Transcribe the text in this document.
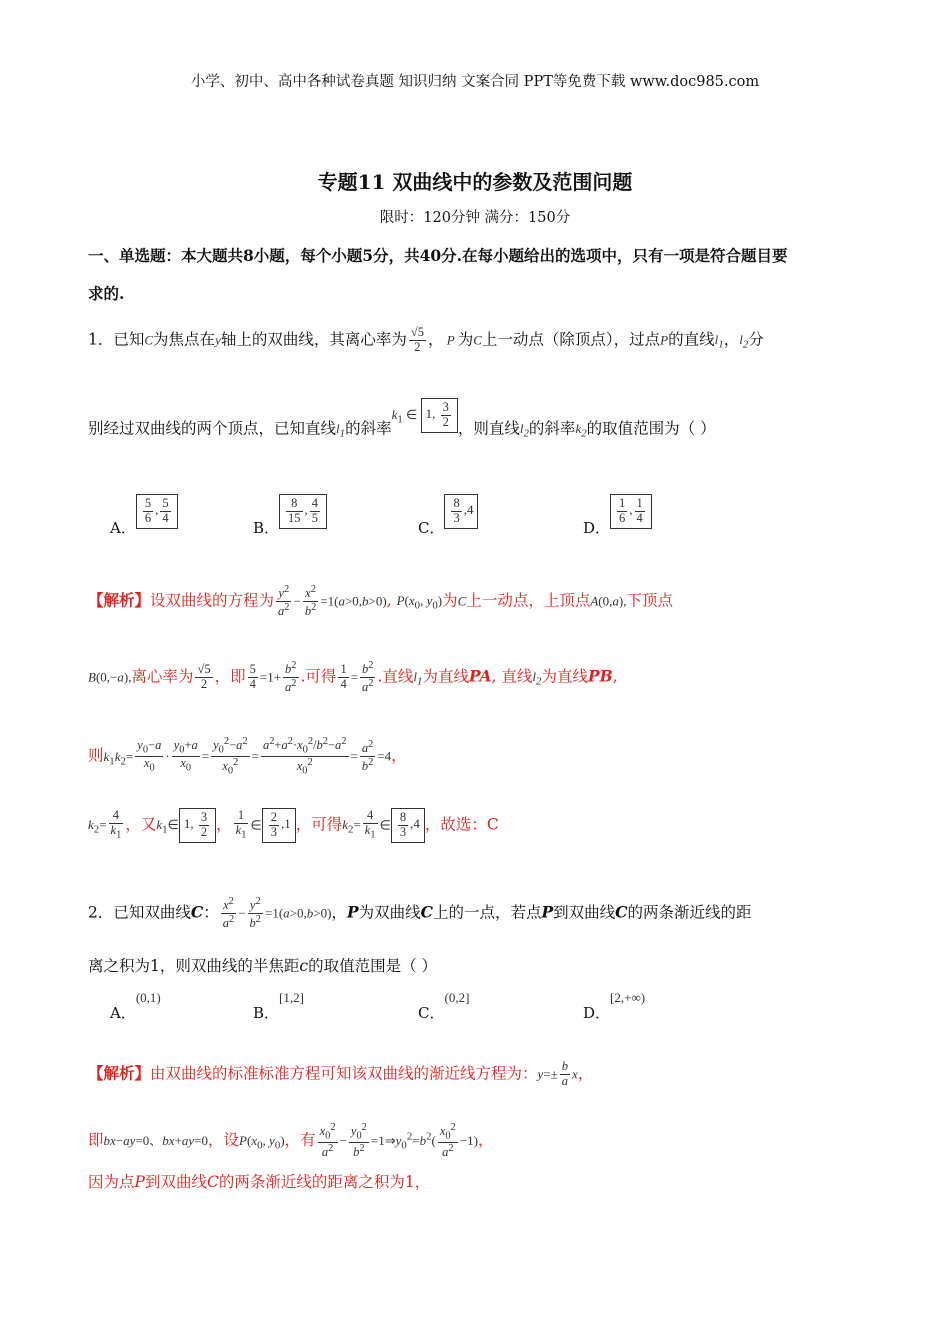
小学、初中、高中各种试卷真题 知识归纳 文案合同 PPT等免费下载 www.doc985.com
专题11 双曲线中的参数及范围问题
限时：120分钟 满分：150分
一、单选题：本大题共8小题，每个小题5分，共40分.在每小题给出的选项中，只有一项是符合题目要
求的.
1．已知C为焦点在y轴上的双曲线，其离心率为 $\frac{√5}{2}$ ， P 为C上一动点（除顶点），过点P的直线$l_1$，$l_2$分
别经过双曲线的两个顶点，已知直线$l_1$的斜率$^{k_1 \in}$ 1, $\frac{3}{2}$ ，则直线$l_2$的斜率$k_2$的取值范围为（ ）
A．
$\frac{5}{6}$ , $\frac{5}{4}$
B．
$\frac{8}{15}$ , $\frac{4}{5}$
C．
$\frac{8}{3} ,4$
D．
$\frac{1}{6}$ , $\frac{1}{4}$
【解析】设双曲线的方程为 $\frac{y^2}{a^2} - \frac{x^2}{b^2} =1(a>0,b>0)$, $P(x_0$, $y_0$)为C上一动点，上顶点A(0,a),下顶点
B(0,−a),离心率为 $\frac{√5}{2}$ ，即 $\frac{5}{4} =1+ \frac{b^2}{a^2}$ .可得 $\frac{1}{4} = \frac{b^2}{a^2}$ .直线$l_1$为直线PA, 直线$l_2$为直线PB,
则$k_1k_2= \frac{y_0-a}{x_0} \cdot \frac{y_0+a}{x_0} = \frac{y_0^2-a^2}{x_0^2} = \frac{a^2+a^2\cdot x_0^2/b^2-a^2}{x_0^2} = \frac{a^2}{b^2} =4$，
$k_2= \frac{4}{k_1}$ ，又$k_1\in$ 1, $\frac{3}{2}$ ， $\frac{1}{k_1}$ ∈ $\frac{2}{3} ,1$ ，可得$k_2= \frac{4}{k_1}$ ∈ $\frac{8}{3} ,4$ ，故选：C
2．已知双曲线C： $\frac{x^2}{a^2} - \frac{y^2}{b^2} =1(a>0,b>0)$，P为双曲线C上的一点，若点P到双曲线C的两条渐近线的距
离之积为1，则双曲线的半焦距c的取值范围是（ ）
A．(0,1)
B．[1,2]
C．(0,2]
D．[2,+∞)
【解析】由双曲线的标准标准方程可知该双曲线的渐近线方程为：$y=\pm \frac{b}{a}$ x，
即bx−ay=0、bx+ay=0，设$P(x_0$, $y_0$)，有 $\frac{x_0^2}{a^2} - \frac{y_0^2}{b^2}$ $=1\Rightarrow y_0^2=b^2( \frac{x_0^2}{a^2} -1)$，
因为点P到双曲线C的两条渐近线的距离之积为1，
